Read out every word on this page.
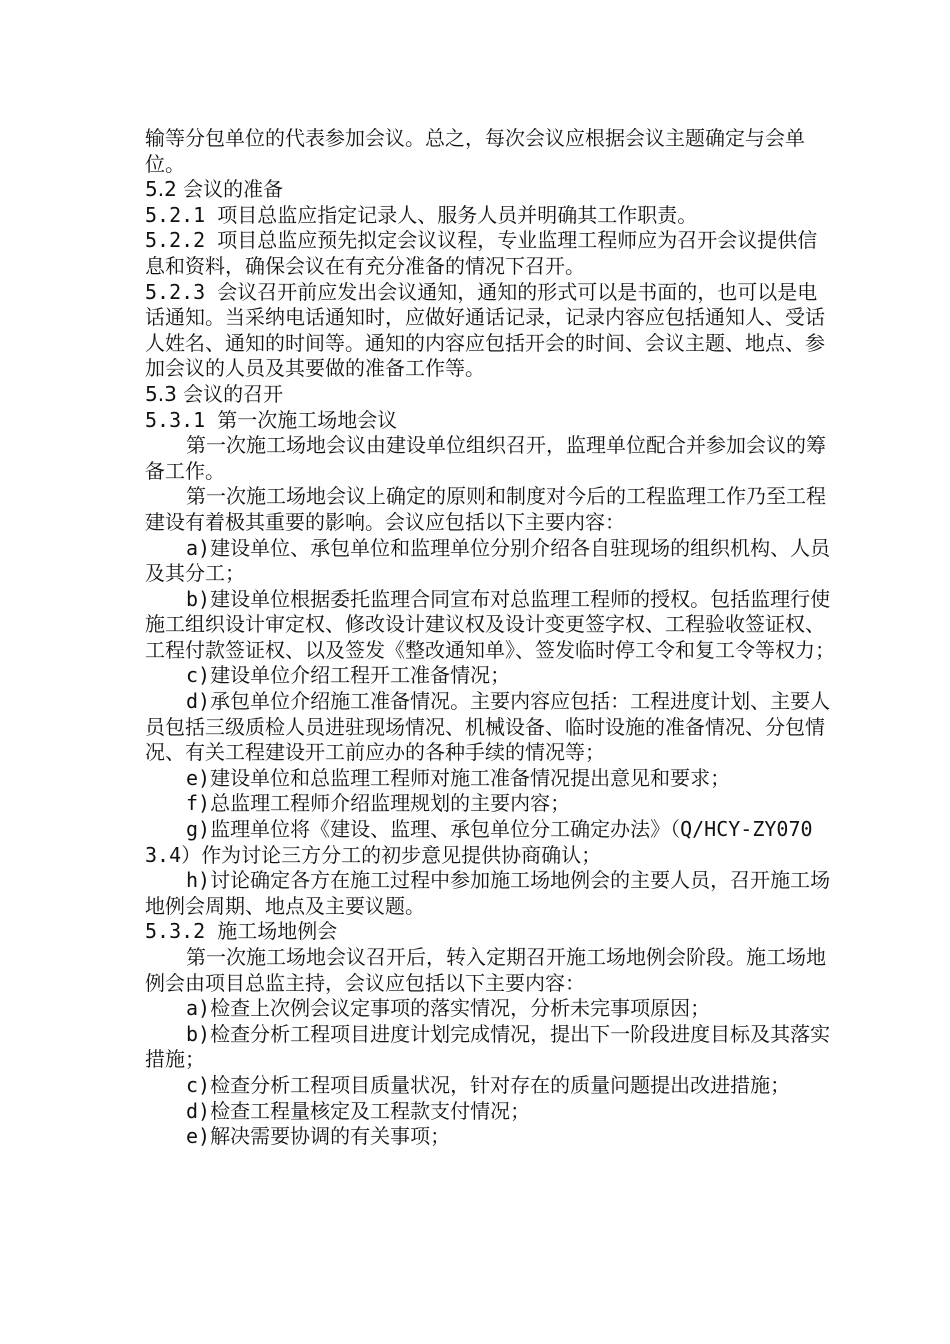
输等分包单位的代表参加会议。总之，每次会议应根据会议主题确定与会单位。

5.2 会议的准备

5.2.1 项目总监应指定记录人、服务人员并明确其工作职责。

5.2.2 项目总监应预先拟定会议议程，专业监理工程师应为召开会议提供信息和资料，确保会议在有充分准备的情况下召开。

5.2.3 会议召开前应发出会议通知，通知的形式可以是书面的，也可以是电话通知。当采纳电话通知时，应做好通话记录，记录内容应包括通知人、受话人姓名、通知的时间等。通知的内容应包括开会的时间、会议主题、地点、参加会议的人员及其要做的准备工作等。

5.3 会议的召开

5.3.1 第一次施工场地会议

第一次施工场地会议由建设单位组织召开，监理单位配合并参加会议的筹备工作。

第一次施工场地会议上确定的原则和制度对今后的工程监理工作乃至工程建设有着极其重要的影响。会议应包括以下主要内容：

a)建设单位、承包单位和监理单位分别介绍各自驻现场的组织机构、人员及其分工；

b)建设单位根据委托监理合同宣布对总监理工程师的授权。包括监理行使施工组织设计审定权、修改设计建议权及设计变更签字权、工程验收签证权、工程付款签证权、以及签发《整改通知单》、签发临时停工令和复工令等权力；

c)建设单位介绍工程开工准备情况；

d)承包单位介绍施工准备情况。主要内容应包括：工程进度计划、主要人员包括三级质检人员进驻现场情况、机械设备、临时设施的准备情况、分包情况、有关工程建设开工前应办的各种手续的情况等；

e)建设单位和总监理工程师对施工准备情况提出意见和要求；

f)总监理工程师介绍监理规划的主要内容；

g)监理单位将《建设、监理、承包单位分工确定办法》（Q/HCY-ZY0703.4）作为讨论三方分工的初步意见提供协商确认；

h)讨论确定各方在施工过程中参加施工场地例会的主要人员，召开施工场地例会周期、地点及主要议题。

5.3.2 施工场地例会

第一次施工场地会议召开后，转入定期召开施工场地例会阶段。施工场地例会由项目总监主持，会议应包括以下主要内容：

a)检查上次例会议定事项的落实情况，分析未完事项原因；

b)检查分析工程项目进度计划完成情况，提出下一阶段进度目标及其落实措施；

c)检查分析工程项目质量状况，针对存在的质量问题提出改进措施；

d)检查工程量核定及工程款支付情况；

e)解决需要协调的有关事项；
